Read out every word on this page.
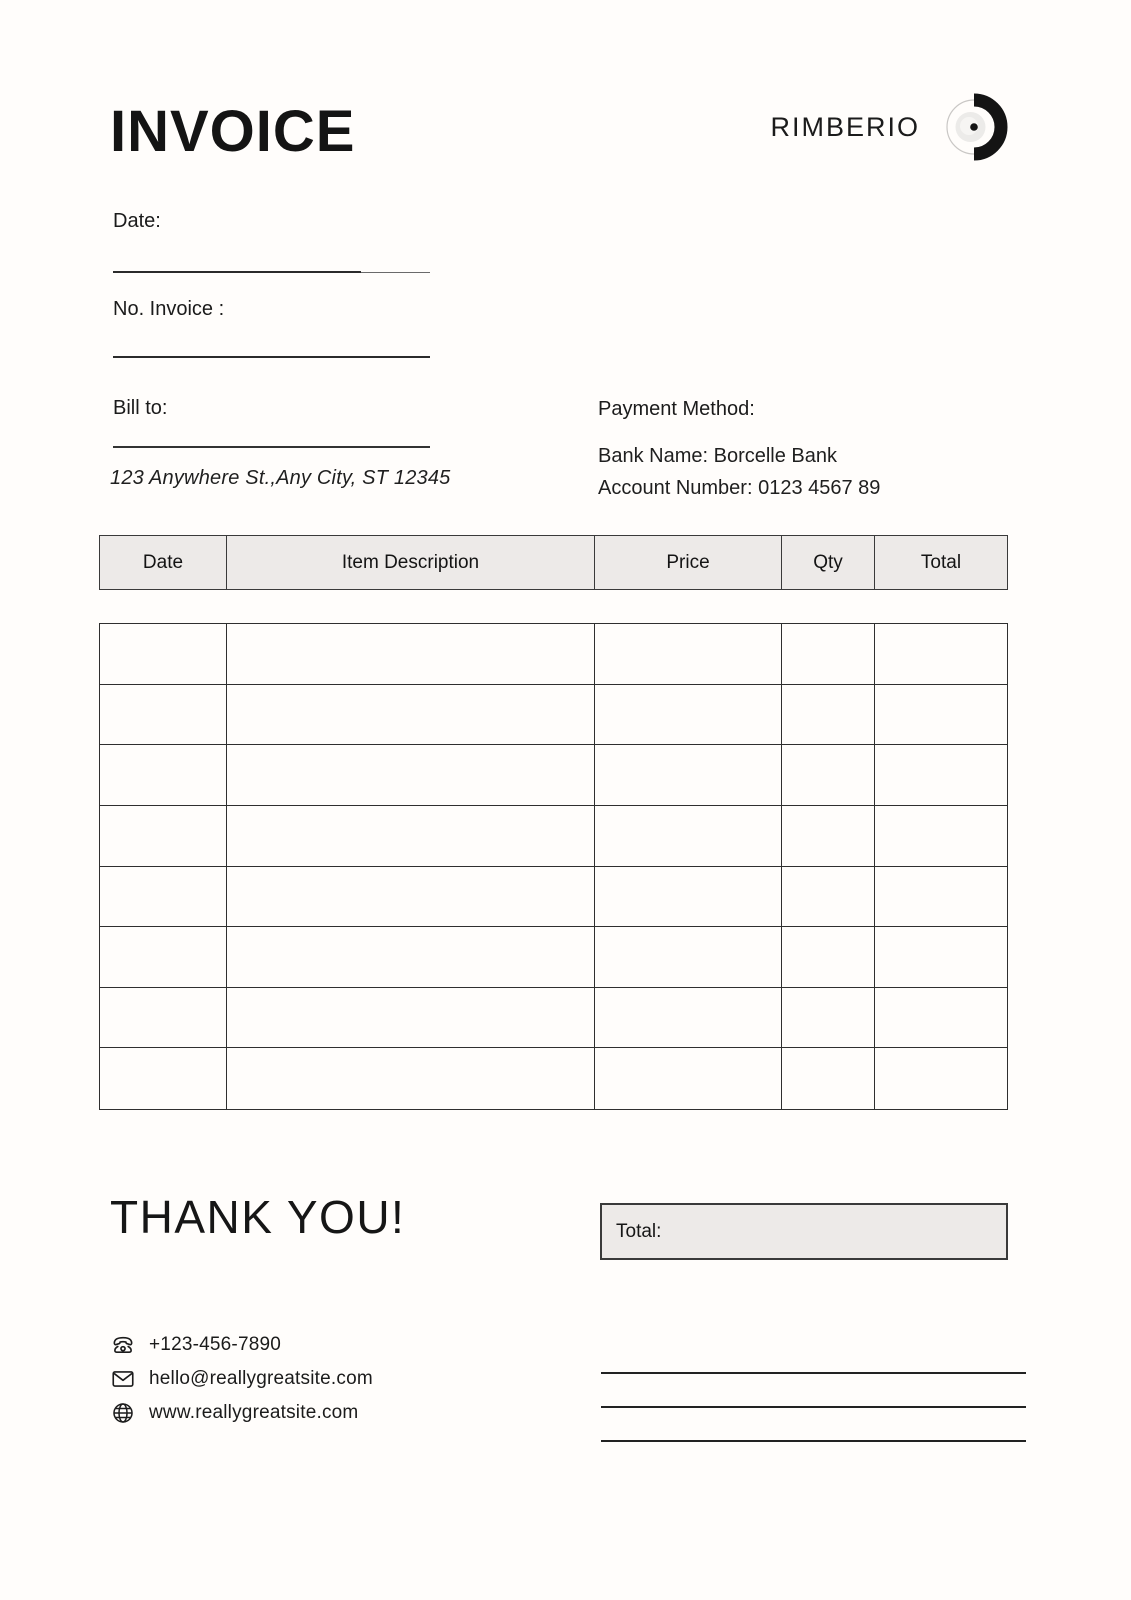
INVOICE	RIMBERIO
Date:
No. Invoice :
Bill to:
123 Anywhere St.,Any City, ST 12345
Payment Method:
Bank Name: Borcelle Bank
Account Number: 0123 4567 89
Date	Item Description	Price	Qty	Total
THANK YOU!	Total:
+123-456-7890
hello@reallygreatsite.com
www.reallygreatsite.com
